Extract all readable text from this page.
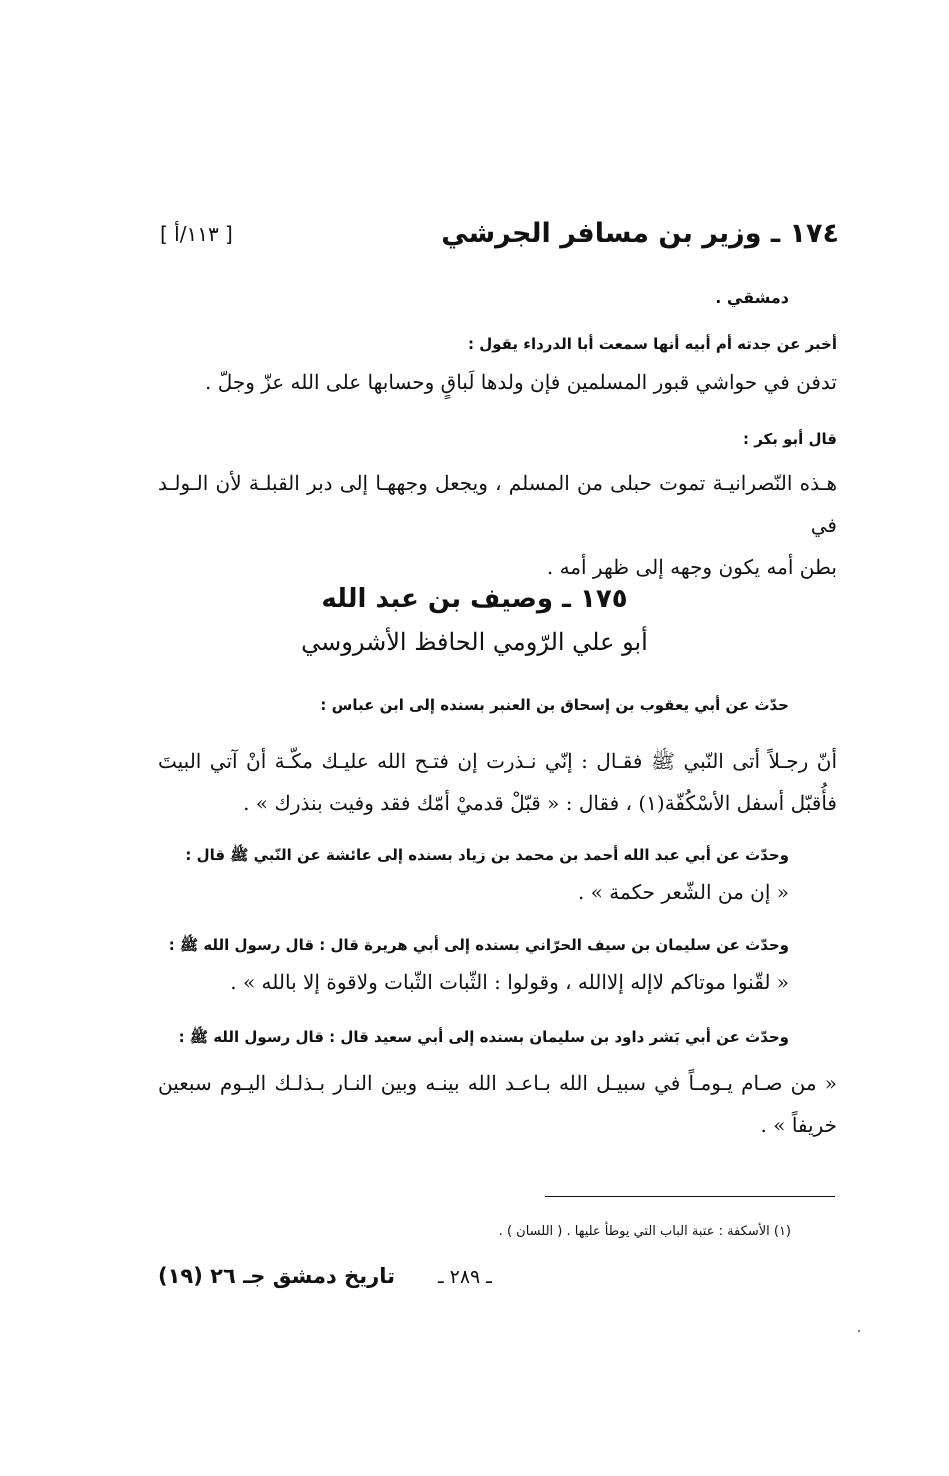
١٧٤ ـ وزير بن مسافر الجرشي
[ ١١٣/أ ]
دمشقي .
أخبر عن جدته أم أبيه أنها سمعت أبا الدرداء يقول :
تدفن في حواشي قبور المسلمين فإن ولدها لَباقٍ وحسابها على الله عزّ وجلّ .
قال أبو بكر :
هـذه النّصرانيـة تموت حبلى من المسلم ، ويجعل وجههـا إلى دبر القبلـة لأن الـولـد في
بطن أمه يكون وجهه إلى ظهر أمه .
١٧٥ ـ وصيف بن عبد الله
أبو علي الرّومي الحافظ الأشروسي
حدّث عن أبي يعقوب بن إسحاق بن العنبر بسنده إلى ابن عباس :
أنّ رجـلاً أتى النّبي ﷺ فقـال : إنّي نـذرت إن فتـح الله عليـك مكّـة أنْ آتي البيتَ
فأُقبّل أسفل الأسْكُفّة(١) ، فقال : « قبّلْ قدميْ أمّك فقد وفيت بنذرك » .
وحدّث عن أبي عبد الله أحمد بن محمد بن زياد بسنده إلى عائشة عن النّبي ﷺ قال :
« إن من الشّعر حكمة » .
وحدّث عن سليمان بن سيف الحرّاني بسنده إلى أبي هريرة قال : قال رسول الله ﷺ :
« لقّنوا موتاكم لاإله إلاالله ، وقولوا : الثّبات الثّبات ولاقوة إلا بالله » .
وحدّث عن أبي بَشر داود بن سليمان بسنده إلى أبي سعيد قال : قال رسول الله ﷺ :
« من صـام يـومـاً في سبيـل الله بـاعـد الله بينـه وبين النـار بـذلـك اليـوم سبعين
خريفاً » .
(١) الأسكفة : عتبة الباب التي يوطأ عليها . ( اللسان ) .
ـ ٢٨٩ ـ
تاريخ دمشق جـ ٢٦ (١٩)
